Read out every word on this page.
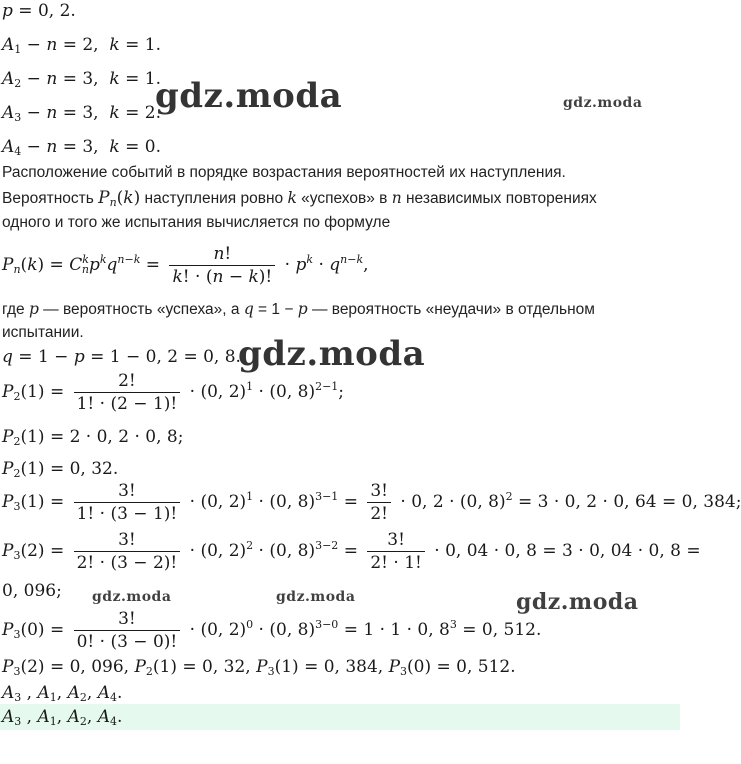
gdz.moda	gdz.moda
gdz.moda
gdz.moda	gdz.moda	gdz.moda
p = 0, 2.
$A_1 - n = 2$,  k = 1.
$A_2 - n = 3$,  k = 1.
$A_3 - n = 3$,  k = 2.
$A_4 - n = 3$,  k = 0.
Расположение событий в порядке возрастания вероятностей их наступления.
Вероятность $P_n(k)$ наступления ровно k «успехов» в n независимых повторениях
одного и того же испытания вычисляется по формуле
$P_n(k) = C^k_np^kq^{n-k} = \frac{n!}{k! \cdot (n - k)!} \cdot p^k \cdot q^{n-k}$,
где p — вероятность «успеха», а q = 1 − p — вероятность «неудачи» в отдельном
испытании.
q = 1 − p = 1 − 0, 2 = 0, 8.
$P_2(1) = \frac{2!}{1! \cdot (2 - 1)!} \cdot (0$, 2)$^1$ · (0, 8)$^{2-1}$;
$P_2(1) = 2 \cdot 0$, 2 · 0, 8;
$P_2(1) = 0$, 32.
$P_3(1) = \frac{3!}{1! \cdot (3 - 1)!} \cdot (0$, 2)$^1$ · (0, $8)^{3-1} = \frac{3!}{2!} \cdot 0$, 2 · (0, 8)$^2$ = 3 · 0, 2 · 0, 64 = 0, 384;
$P_3(2) = \frac{3!}{2! \cdot (3 - 2)!} \cdot (0$, 2)$^2$ · (0, $8)^{3-2} = \frac{3!}{2! \cdot 1!} \cdot 0$, 04 · 0, 8 = 3 · 0, 04 · 0, 8 =
0, 096;
$P_3(0) = \frac{3!}{0! \cdot (3 - 0)!} \cdot (0$, 2)$^0$ · (0, 8)$^{3-0}$ = 1 · 1 · 0, $8^3 = 0$, 512.
$P_3(2) = 0$, 096, $P_2(1) = 0$, 32, $P_3(1) = 0$, 384, $P_3(0) = 0$, 512.
$A_3$ , $A_1$, $A_2$, $A_4$.
$A_3$ , $A_1$, $A_2$, $A_4$.
